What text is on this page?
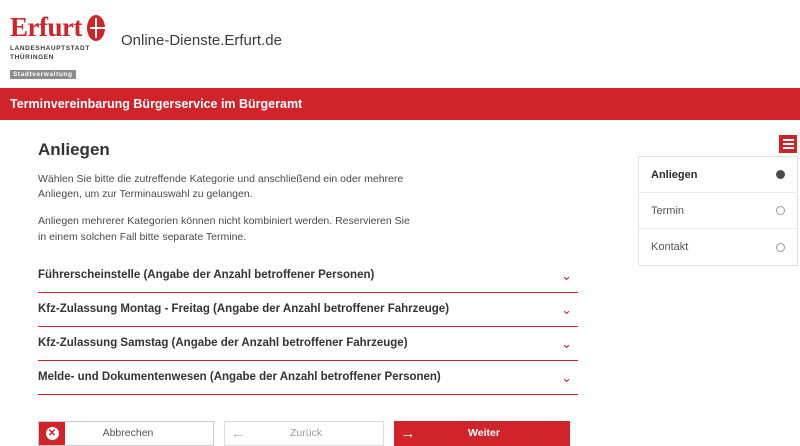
Erfurt
LANDESHAUPTSTADT
THÜRINGEN
Stadtverwaltung
Online-Dienste.Erfurt.de
Terminvereinbarung Bürgerservice im Bürgeramt
Anliegen

Wählen Sie bitte die zutreffende Kategorie und anschließend ein oder mehrere Anliegen, um zur Terminauswahl zu gelangen.

Anliegen mehrerer Kategorien können nicht kombiniert werden. Reservieren Sie in einem solchen Fall bitte separate Termine.

Führerscheinstelle (Angabe der Anzahl betroffener Personen)	⌄
Kfz-Zulassung Montag - Freitag (Angabe der Anzahl betroffener Fahrzeuge)	⌄
Kfz-Zulassung Samstag (Angabe der Anzahl betroffener Fahrzeuge)	⌄
Melde- und Dokumentenwesen (Angabe der Anzahl betroffener Personen)	⌄
✕	Abbrechen	←	Zurück	→	Weiter
Anliegen
Termin
Kontakt
